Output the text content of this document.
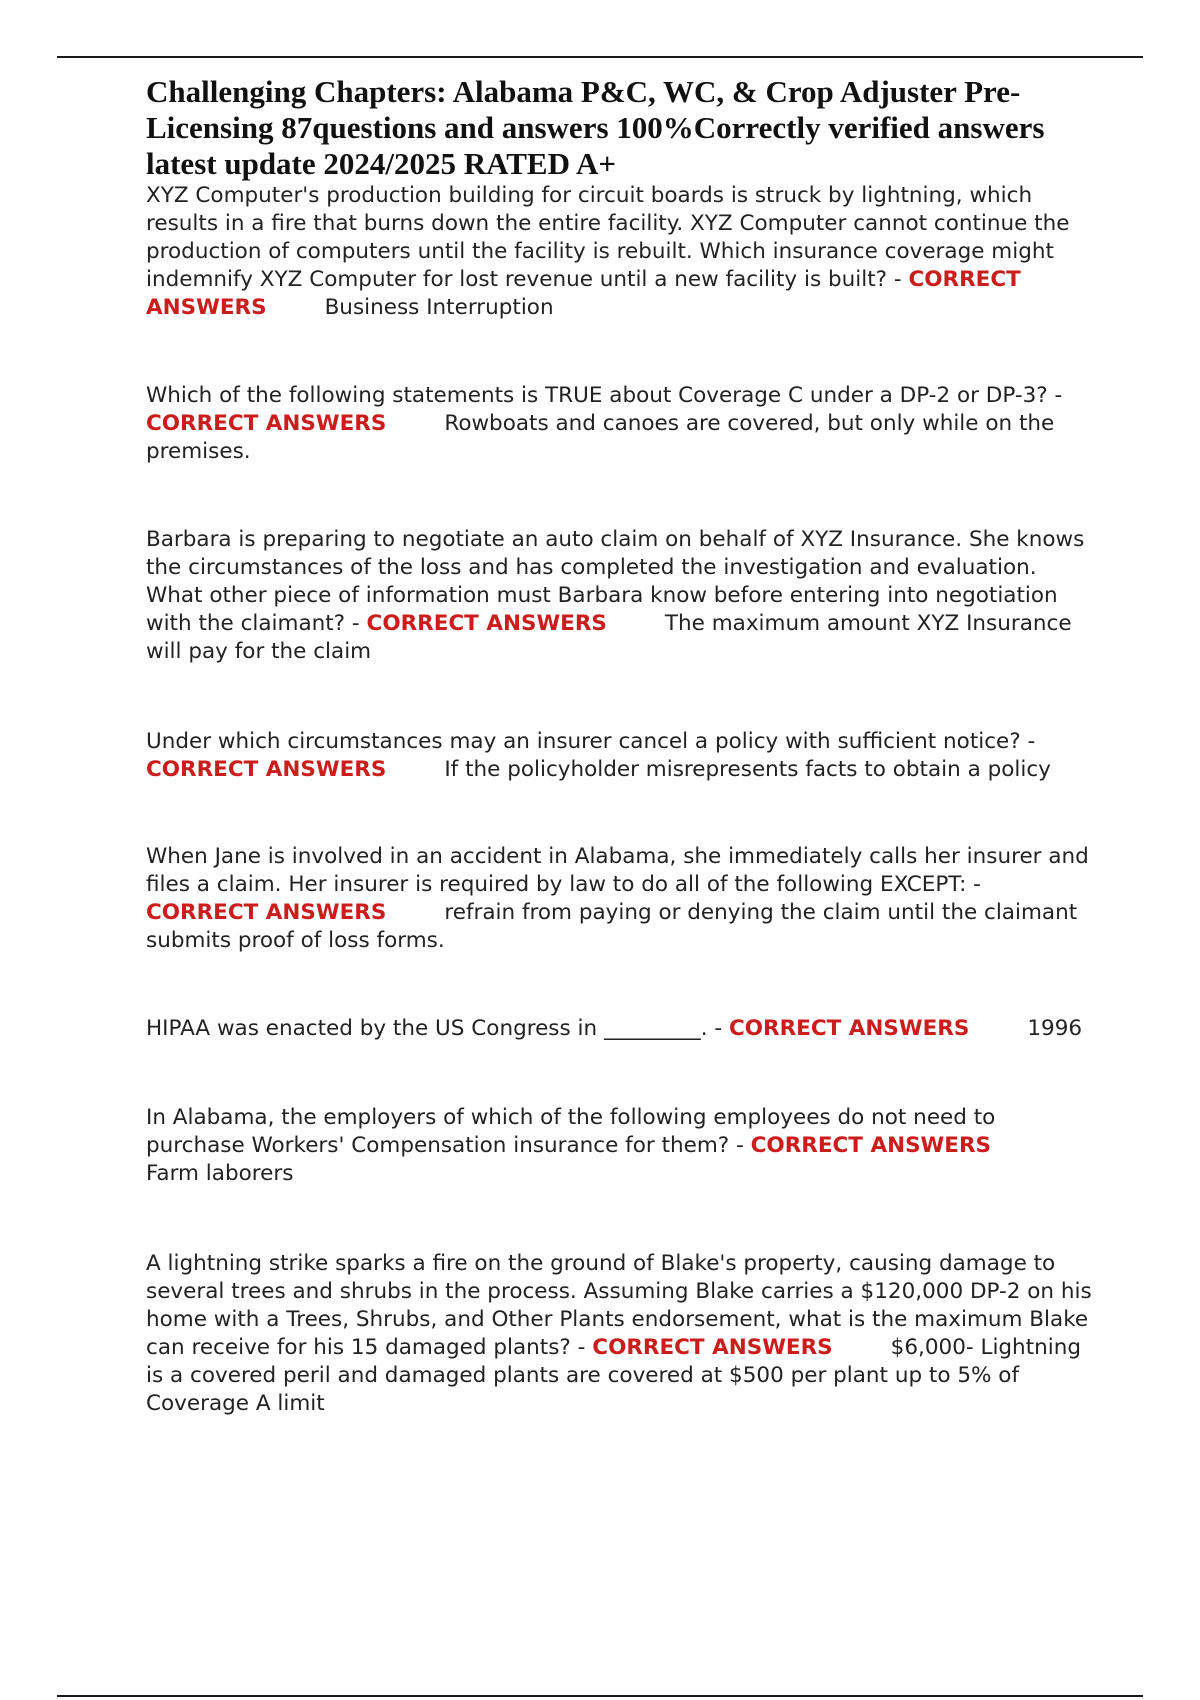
Challenging Chapters: Alabama P&C, WC, & Crop Adjuster Pre-Licensing 87questions and answers 100%Correctly verified answers latest update 2024/2025 RATED A+

XYZ Computer's production building for circuit boards is struck by lightning, which results in a fire that burns down the entire facility. XYZ Computer cannot continue the production of computers until the facility is rebuilt. Which insurance coverage might indemnify XYZ Computer for lost revenue until a new facility is built? - CORRECT ANSWERS	Business Interruption

Which of the following statements is TRUE about Coverage C under a DP-2 or DP-3? - CORRECT ANSWERS	Rowboats and canoes are covered, but only while on the premises.

Barbara is preparing to negotiate an auto claim on behalf of XYZ Insurance. She knows the circumstances of the loss and has completed the investigation and evaluation. What other piece of information must Barbara know before entering into negotiation with the claimant? - CORRECT ANSWERS	The maximum amount XYZ Insurance will pay for the claim

Under which circumstances may an insurer cancel a policy with sufficient notice? - CORRECT ANSWERS	If the policyholder misrepresents facts to obtain a policy

When Jane is involved in an accident in Alabama, she immediately calls her insurer and files a claim. Her insurer is required by law to do all of the following EXCEPT: - CORRECT ANSWERS	refrain from paying or denying the claim until the claimant submits proof of loss forms.

HIPAA was enacted by the US Congress in _________. - CORRECT ANSWERS	1996

In Alabama, the employers of which of the following employees do not need to purchase Workers' Compensation insurance for them? - CORRECT ANSWERSFarm laborers

A lightning strike sparks a fire on the ground of Blake's property, causing damage to several trees and shrubs in the process. Assuming Blake carries a $120,000 DP-2 on his home with a Trees, Shrubs, and Other Plants endorsement, what is the maximum Blake can receive for his 15 damaged plants? - CORRECT ANSWERS	$6,000- Lightning is a covered peril and damaged plants are covered at $500 per plant up to 5% of Coverage A limit
